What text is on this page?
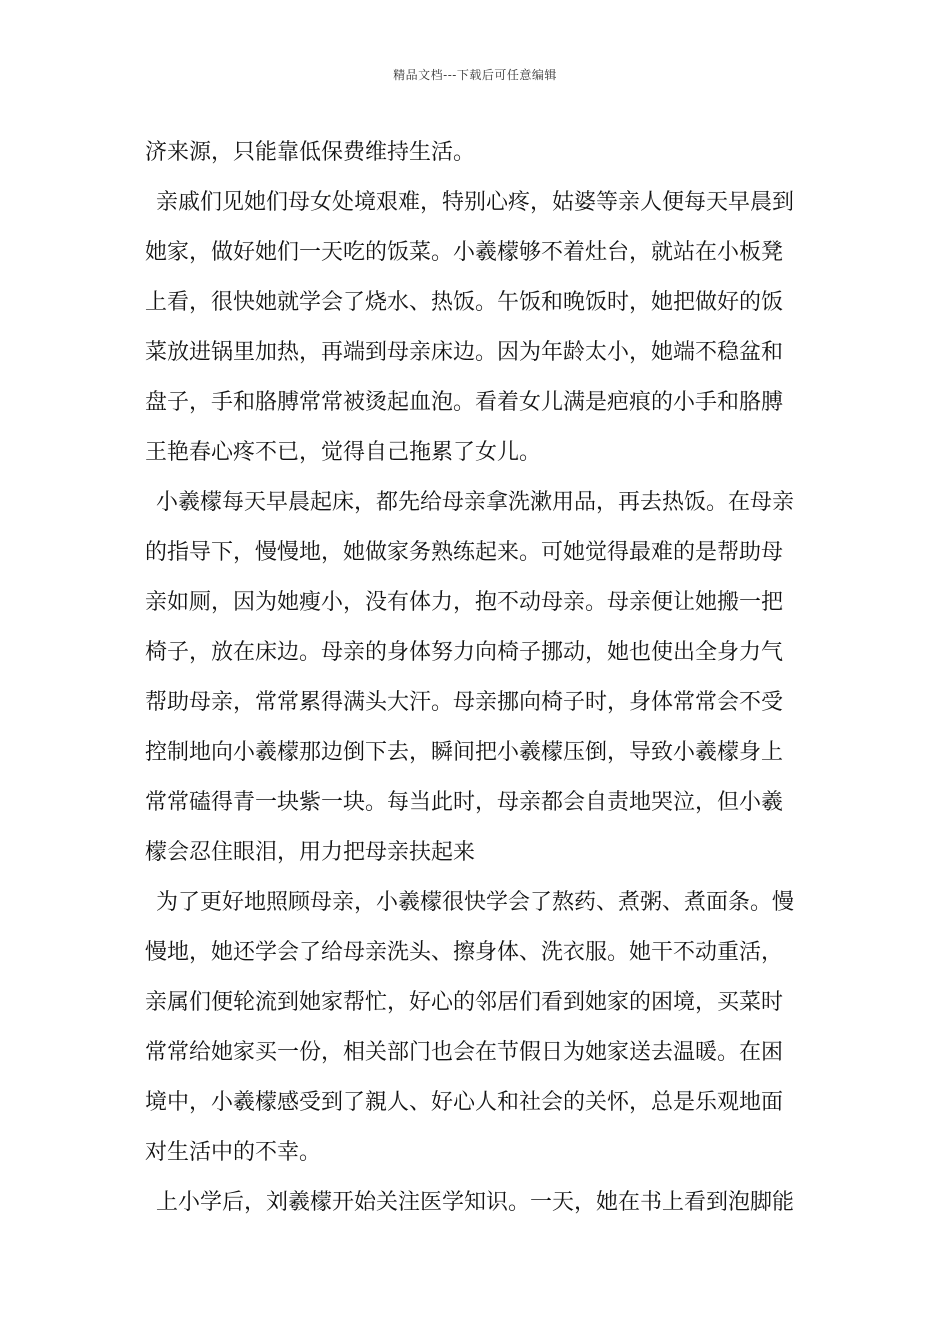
精品文档---下载后可任意编辑
济来源，只能靠低保费维持生活。
亲戚们见她们母女处境艰难，特别心疼，姑婆等亲人便每天早晨到
她家，做好她们一天吃的饭菜。小羲檬够不着灶台，就站在小板凳
上看，很快她就学会了烧水、热饭。午饭和晚饭时，她把做好的饭
菜放进锅里加热，再端到母亲床边。因为年龄太小，她端不稳盆和
盘子，手和胳膊常常被烫起血泡。看着女儿满是疤痕的小手和胳膊
王艳春心疼不已，觉得自己拖累了女儿。
小羲檬每天早晨起床，都先给母亲拿洗漱用品，再去热饭。在母亲
的指导下，慢慢地，她做家务熟练起来。可她觉得最难的是帮助母
亲如厕，因为她瘦小，没有体力，抱不动母亲。母亲便让她搬一把
椅子，放在床边。母亲的身体努力向椅子挪动，她也使出全身力气
帮助母亲，常常累得满头大汗。母亲挪向椅子时，身体常常会不受
控制地向小羲檬那边倒下去，瞬间把小羲檬压倒，导致小羲檬身上
常常磕得青一块紫一块。每当此时，母亲都会自责地哭泣，但小羲
檬会忍住眼泪，用力把母亲扶起来
为了更好地照顾母亲，小羲檬很快学会了熬药、煮粥、煮面条。慢
慢地，她还学会了给母亲洗头、擦身体、洗衣服。她干不动重活，
亲属们便轮流到她家帮忙，好心的邻居们看到她家的困境，买菜时
常常给她家买一份，相关部门也会在节假日为她家送去温暖。在困
境中，小羲檬感受到了親人、好心人和社会的关怀，总是乐观地面
对生活中的不幸。
上小学后，刘羲檬开始关注医学知识。一天，她在书上看到泡脚能
